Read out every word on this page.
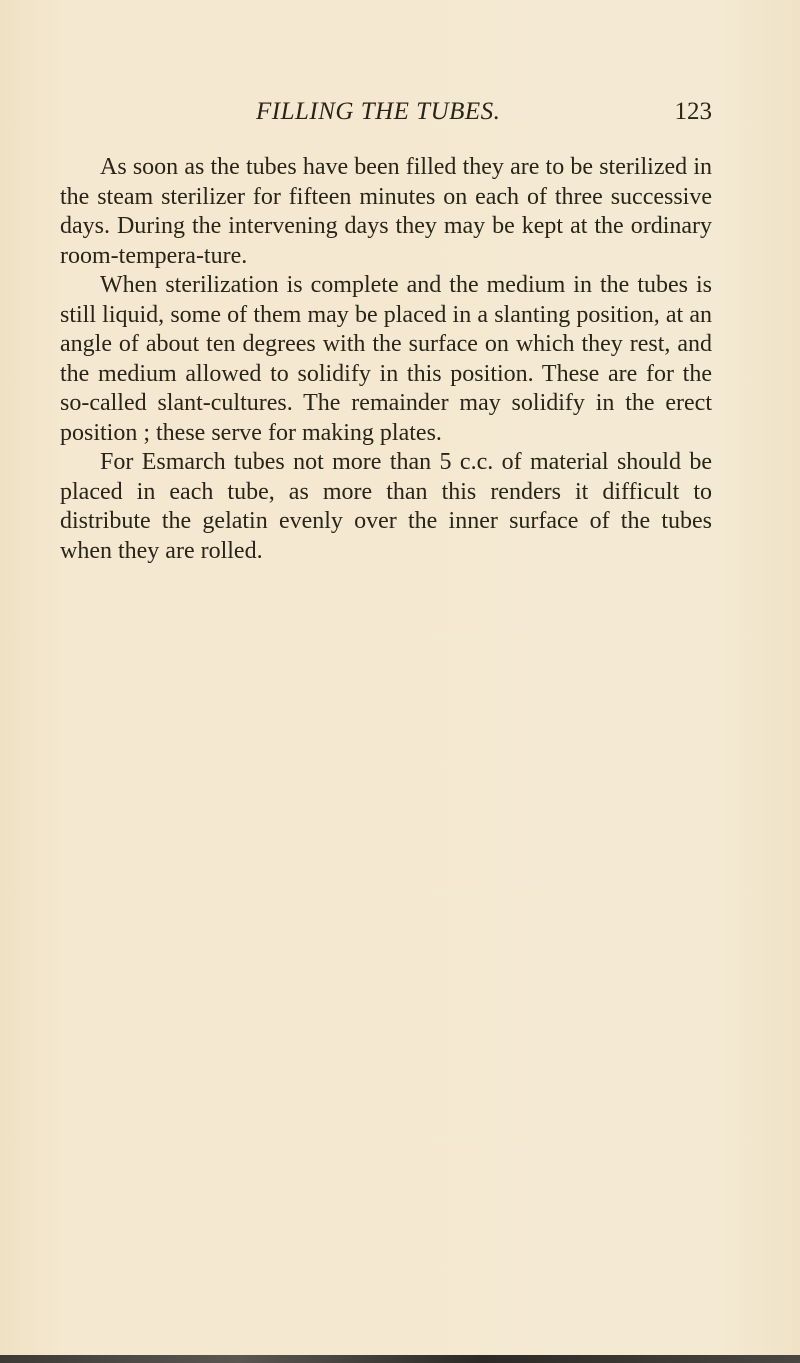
FILLING THE TUBES.	123

As soon as the tubes have been filled they are to be sterilized in the steam sterilizer for fifteen minutes on each of three successive days. During the intervening days they may be kept at the ordinary room-tempera-ture.

When sterilization is complete and the medium in the tubes is still liquid, some of them may be placed in a slanting position, at an angle of about ten degrees with the surface on which they rest, and the medium allowed to solidify in this position. These are for the so-called slant-cultures. The remainder may solidify in the erect position ; these serve for making plates.

For Esmarch tubes not more than 5 c.c. of material should be placed in each tube, as more than this renders it difficult to distribute the gelatin evenly over the inner surface of the tubes when they are rolled.
